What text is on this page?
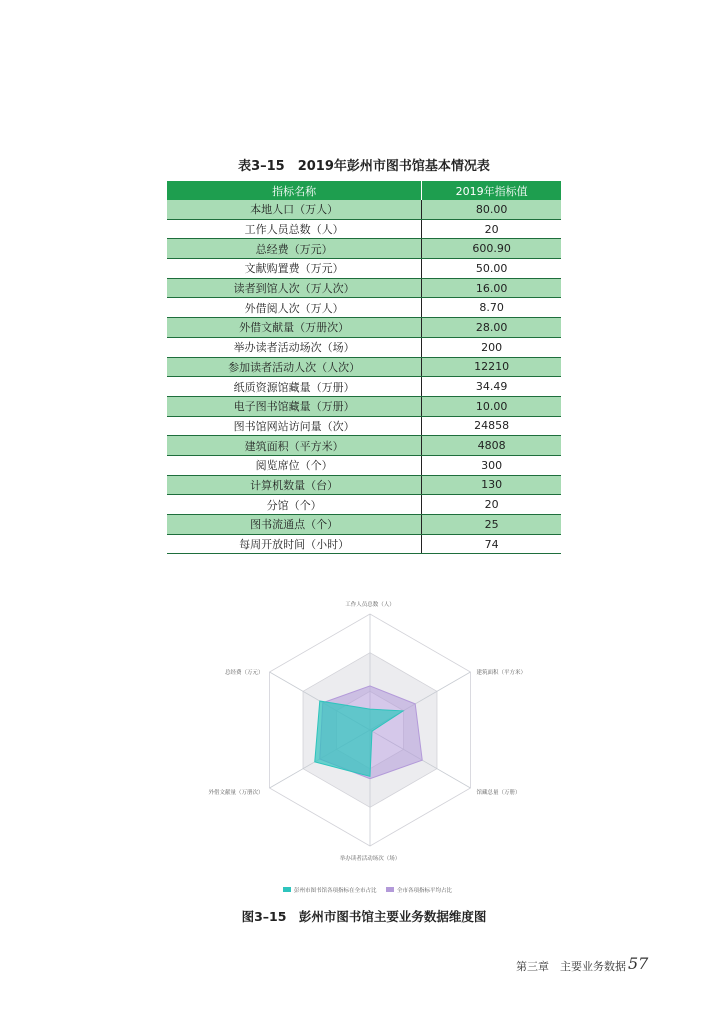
表3–15　2019年彭州市图书馆基本情况表
指标名称	2019年指标值
本地人口（万人）	80.00
工作人员总数（人）	20
总经费（万元）	600.90
文献购置费（万元）	50.00
读者到馆人次（万人次）	16.00
外借阅人次（万人）	8.70
外借文献量（万册次）	28.00
举办读者活动场次（场）	200
参加读者活动人次（人次）	12210
纸质资源馆藏量（万册）	34.49
电子图书馆藏量（万册）	10.00
图书馆网站访问量（次）	24858
建筑面积（平方米）	4808
阅览席位（个）	300
计算机数量（台）	130
分馆（个）	20
图书流通点（个）	25
每周开放时间（小时）	74
工作人员总数（人）
建筑面积（平方米）
馆藏总量（万册）
举办读者活动场次（场）
外借文献量（万册次）
总经费（万元）
彭州市图书馆各项指标在全市占比	全市各项指标平均占比
图3–15　彭州市图书馆主要业务数据维度图
第三章　主要业务数据 57
